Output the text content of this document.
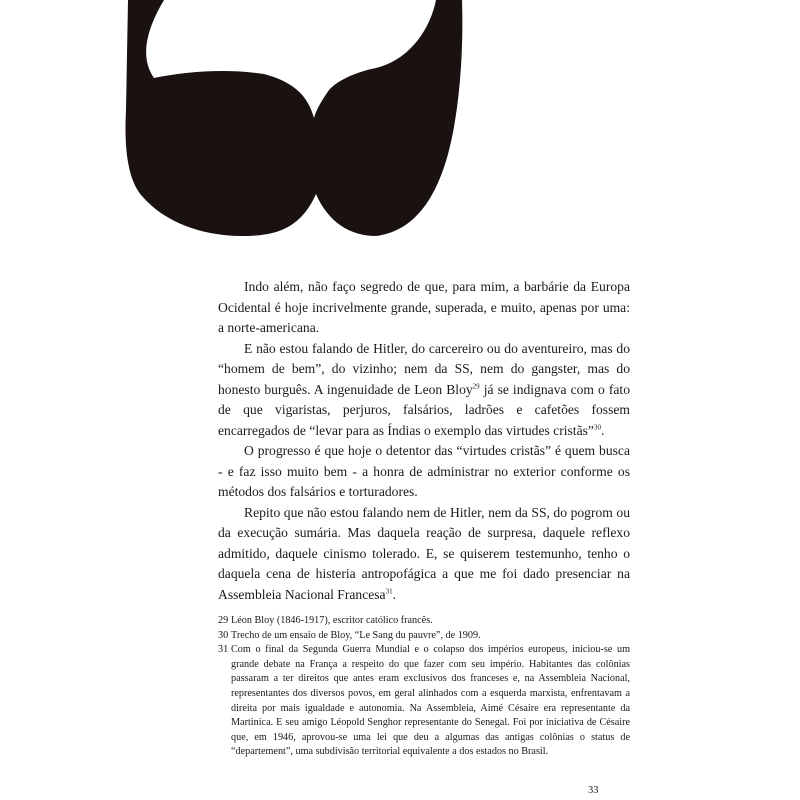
Indo além, não faço segredo de que, para mim, a barbárie da Europa Ocidental é hoje incrivelmente grande, superada, e muito, apenas por uma: a norte-americana.

E não estou falando de Hitler, do carcereiro ou do aventureiro, mas do “homem de bem”, do vizinho; nem da SS, nem do gangster, mas do honesto burguês. A ingenuidade de Leon Bloy$^{29}$ já se indignava com o fato de que vigaristas, perjuros, falsários, ladrões e cafetões fossem encarregados de “levar para as Índias o exemplo das virtudes cristãs”$^{30}$.

O progresso é que hoje o detentor das “virtudes cristãs” é quem busca - e faz isso muito bem - a honra de administrar no exterior conforme os métodos dos falsários e torturadores.

Repito que não estou falando nem de Hitler, nem da SS, do pogrom ou da execução sumária. Mas daquela reação de surpresa, daquele reflexo admitido, daquele cinismo tolerado. E, se quiserem testemunho, tenho o daquela cena de histeria antropofágica a que me foi dado presenciar na Assembleia Nacional Francesa$^{31}$.

29 Léon Bloy (1846-1917), escritor católico francês.
30 Trecho de um ensaio de Bloy, “Le Sang du pauvre”, de 1909.
31 Com o final da Segunda Guerra Mundial e o colapso dos impérios europeus, iniciou-se um grande debate na França a respeito do que fazer com seu império. Habitantes das colônias passaram a ter direitos que antes eram exclusivos dos franceses e, na Assembleia Nacional, representantes dos diversos povos, em geral alinhados com a esquerda marxista, enfrentavam a direita por mais igualdade e autonomia. Na Assembleia, Aimé Césaire era representante da Martinica. E seu amigo Léopold Senghor representante do Senegal. Foi por iniciativa de Césaire que, em 1946, aprovou-se uma lei que deu a algumas das antigas colônias o status de “departement”, uma subdivisão territorial equivalente a dos estados no Brasil.
33
